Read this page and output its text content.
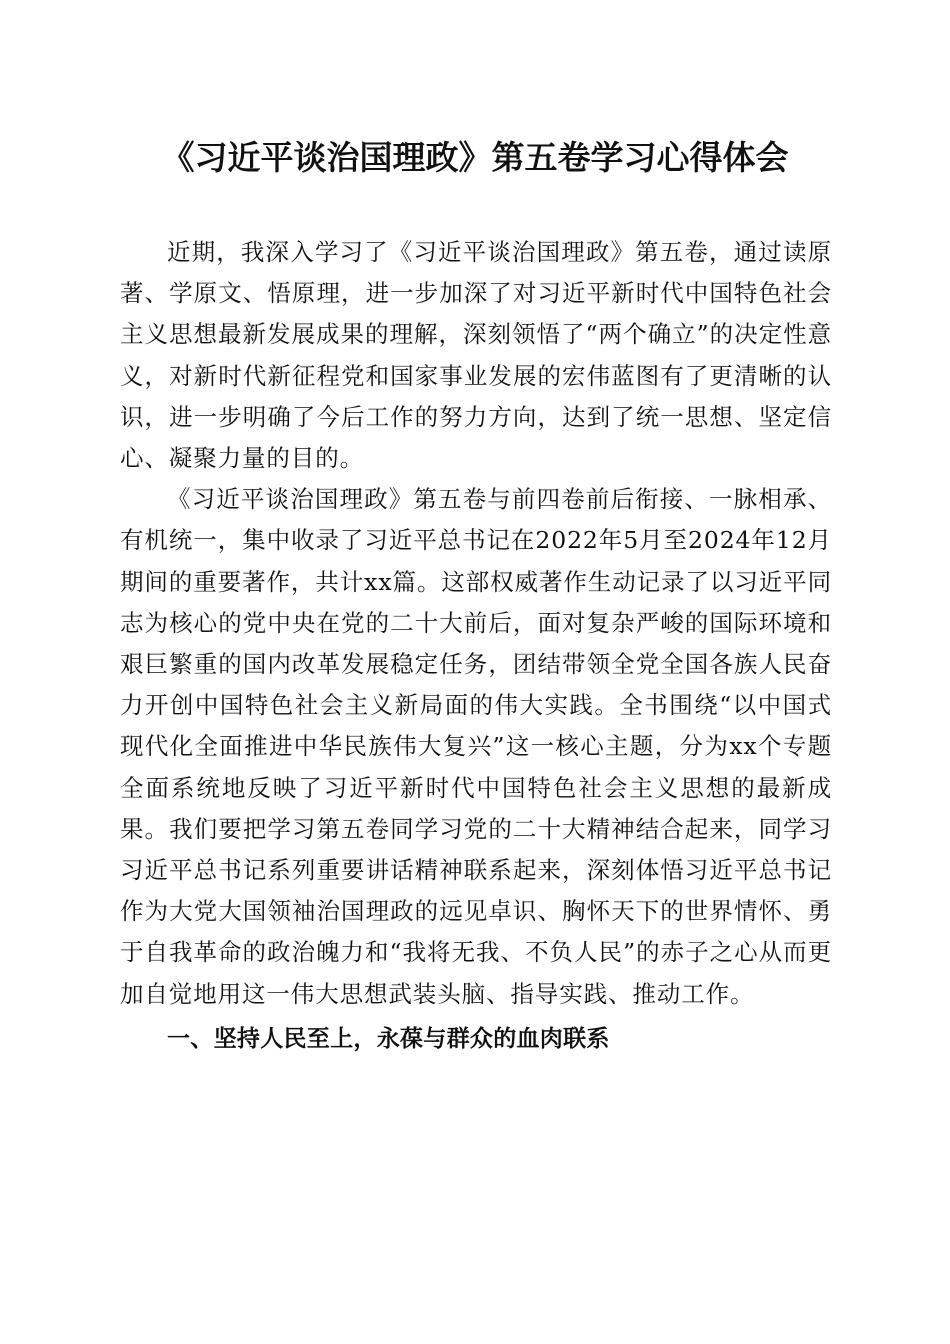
《习近平谈治国理政》第五卷学习心得体会

近期，我深入学习了《习近平谈治国理政》第五卷，通过读原著、学原文、悟原理，进一步加深了对习近平新时代中国特色社会主义思想最新发展成果的理解，深刻领悟了“两个确立”的决定性意义，对新时代新征程党和国家事业发展的宏伟蓝图有了更清晰的认识，进一步明确了今后工作的努力方向，达到了统一思想、坚定信心、凝聚力量的目的。

《习近平谈治国理政》第五卷与前四卷前后衔接、一脉相承、有机统一，集中收录了习近平总书记在2022年5月至2024年12月期间的重要著作，共计xx篇。这部权威著作生动记录了以习近平同志为核心的党中央在党的二十大前后，面对复杂严峻的国际环境和艰巨繁重的国内改革发展稳定任务，团结带领全党全国各族人民奋力开创中国特色社会主义新局面的伟大实践。全书围绕“以中国式现代化全面推进中华民族伟大复兴”这一核心主题，分为xx个专题全面系统地反映了习近平新时代中国特色社会主义思想的最新成果。我们要把学习第五卷同学习党的二十大精神结合起来，同学习习近平总书记系列重要讲话精神联系起来，深刻体悟习近平总书记作为大党大国领袖治国理政的远见卓识、胸怀天下的世界情怀、勇于自我革命的政治魄力和“我将无我、不负人民”的赤子之心从而更加自觉地用这一伟大思想武装头脑、指导实践、推动工作。

一、坚持人民至上，永葆与群众的血肉联系
